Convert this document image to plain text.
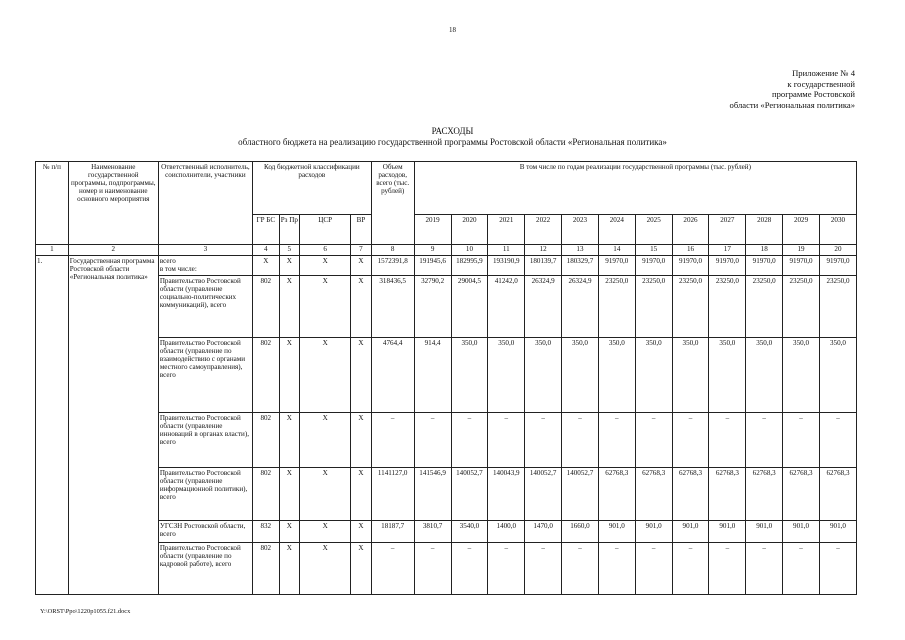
18
Приложение № 4
к государственной
программе Ростовской
области «Региональная политика»
РАСХОДЫ
областного бюджета на реализацию государственной программы Ростовской области «Региональная политика»
№ п/п	Наименование государственной программы, подпрограммы, номер и наименование основного мероприятия	Ответственный исполнитель, соисполнители, участники	Код бюджетной классификации расходов				Объем расходов, всего (тыс. рублей)	В том числе по годам реализации государственной программы (тыс. рублей)											
			ГР БС	Рз Пр	ЦСР	ВР		2019	2020	2021	2022	2023	2024	2025	2026	2027	2028	2029	2030
1	2	3	4	5	6	7	8	9	10	11	12	13	14	15	16	17	18	19	20
1.	Государственная программа Ростовской области «Региональная политика»	всего
в том числе:	Х	Х	Х	Х	1572391,8	191945,6	182995,9	193190,9	180139,7	180329,7	91970,0	91970,0	91970,0	91970,0	91970,0	91970,0	91970,0
		Правительство Ростовской области (управление социально-политических коммуникаций), всего	802	Х	Х	Х	318436,5	32790,2	29004,5	41242,0	26324,9	26324,9	23250,0	23250,0	23250,0	23250,0	23250,0	23250,0	23250,0
		Правительство Ростовской области (управление по взаимодействию с органами местного самоуправления), всего	802	Х	Х	Х	4764,4	914,4	350,0	350,0	350,0	350,0	350,0	350,0	350,0	350,0	350,0	350,0	350,0
		Правительство Ростовской области (управление инноваций в органах власти), всего	802	Х	Х	Х	–	–	–	–	–	–	–	–	–	–	–	–	–
		Правительство Ростовской области (управление информационной политики), всего	802	Х	Х	Х	1141127,0	141546,9	140052,7	140043,9	140052,7	140052,7	62768,3	62768,3	62768,3	62768,3	62768,3	62768,3	62768,3
		УГСЗН Ростовской области, всего	832	Х	Х	Х	18187,7	3810,7	3540,0	1400,0	1470,0	1660,0	901,0	901,0	901,0	901,0	901,0	901,0	901,0
		Правительство Ростовской области (управление по кадровой работе), всего	802	Х	Х	Х	–	–	–	–	–	–	–	–	–	–	–	–	–
Y:\ORST\Ppo\1220p1055.f21.docx
